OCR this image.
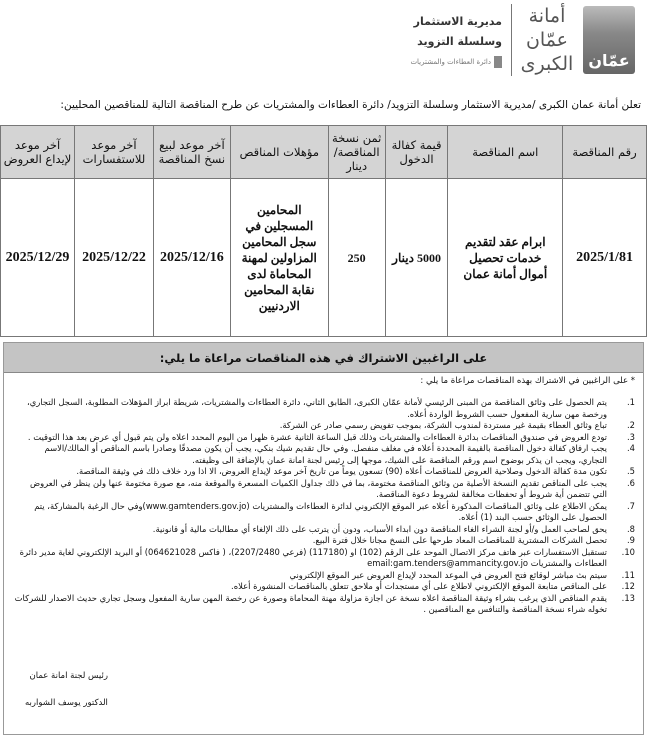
عمّان
أمانة
عمّان
الكبرى
مديرية الاستثمار
وسلسلة التزويد
دائرة العطاءات والمشتريات
تعلن أمانة عمان الكبرى /مديرية الاستثمار وسلسلة التزويد/ دائرة العطاءات والمشتريات عن طرح المناقصة التالية للمناقصين المحليين:
رقم المناقصة	اسم المناقصة	قيمة كفالة الدخول	ثمن نسخة المناقصة/دينار	مؤهلات المناقص	آخر موعد لبيع نسخ المناقصة	آخر موعد للاستفسارات	آخر موعد لإيداع العروض
2025/1/81	ابرام عقد لتقديم خدمات تحصيل أموال أمانة عمان	5000 دينار	250	المحامين المسجلين في سجل المحامين المزاولين لمهنة المحاماة لدى نقابة المحامين الاردنيين	2025/12/16	2025/12/22	2025/12/29
على الراغبين الاشتراك في هذه المناقصات مراعاة ما يلي:
* على الراغبين في الاشتراك بهذه المناقصات مراعاة ما يلي :
1.
يتم الحصول على وثائق المناقصة من المبنى الرئيسي لأمانة عمّان الكبرى، الطابق الثاني، دائرة العطاءات والمشتريات، شريطة ابراز المؤهلات المطلوبة، السجل التجاري، ورخصة مهن سارية المفعول حسب الشروط الواردة أعلاه.
2.
تباع وثائق العطاء بقيمة غير مستردة لمندوب الشركة، بموجب تفويض رسمي صادر عن الشركة.
3.
تودع العروض في صندوق المناقصات بدائرة العطاءات والمشتريات وذلك قبل الساعة الثانية عشرة ظهرا من اليوم المحدد اعلاه ولن يتم قبول أي عرض بعد هذا التوقيت .
4.
يجب ارفاق كفالة دخول المناقصة بالقيمة المحددة أعلاه في مغلف منفصل. وفي حال تقديم شيك بنكي، يجب أن يكون مصدقًا وصادرا باسم المناقص أو المالك/الاسم التجاري، ويجب ان يذكر بوضوح اسم ورقم المناقصة على الشيك، موجها إلى رئيس لجنة امانة عمان بالإضافة الى وظيفته.
5.
تكون مدة كفالة الدخول وصلاحية العروض للمناقصات أعلاه (90) تسعون يوماً من تاريخ آخر موعد لإيداع العروض، الا اذا ورد خلاف ذلك في وثيقة المناقصة.
6.
يجب على المناقص تقديم النسخة الأصلية من وثائق المناقصة مختومة، بما في ذلك جداول الكميات المسعرة والموقعة منه، مع صورة مختومة عنها ولن ينظر في العروض التي تتضمن أية شروط أو تحفظات مخالفة لشروط دعوة المناقصة.
7.
يمكن الاطلاع على وثائق المناقصات المذكورة أعلاه عبر الموقع الإلكتروني لدائرة العطاءات والمشتريات (www.gamtenders.gov.jo)وفي حال الرغبة بالمشاركة، يتم الحصول على الوثائق حسب البند (1) أعلاه.
8.
يحق لصاحب العمل و/أو لجنة الشراء الغاء المناقصة دون ابداء الأسباب، ودون أن يترتب على ذلك الإلغاء أي مطالبات مالية أو قانونية.
9.
تحصل الشركات المشترية للمناقصات المعاد طرحها على النسخ مجانا خلال فترة البيع.
10.
تستقبل الاستفسارات عبر هاتف مركز الاتصال الموحد على الرقم (102) او (117180) (فرعي 2207/2480)، ( فاكس 064621028) أو البريد الإلكتروني لغاية مدير دائرة العطاءات والمشتريات email:gam.tenders@ammancity.gov.jo
11.
سيتم بث مباشر لوقائع فتح العروض في الموعد المحدد لإيداع العروض عبر الموقع الإلكتروني
12.
على المناقص متابعة الموقع الإلكتروني لاطلاع على أي مستجدات أو ملاحق تتعلق بالمناقصات المنشورة أعلاه.
13.
يقدم المناقص الذي يرغب بشراء وثيقة المناقصة اعلاه نسخة عن اجازة مزاولة مهنة المحاماة وصورة عن رخصة المهن سارية المفعول وسجل تجاري حديث الاصدار للشركات تخوله شراء نسخة المناقصة والتنافس مع المناقصين .
رئيس لجنة امانة عمان
الدكتور يوسف الشواربه
